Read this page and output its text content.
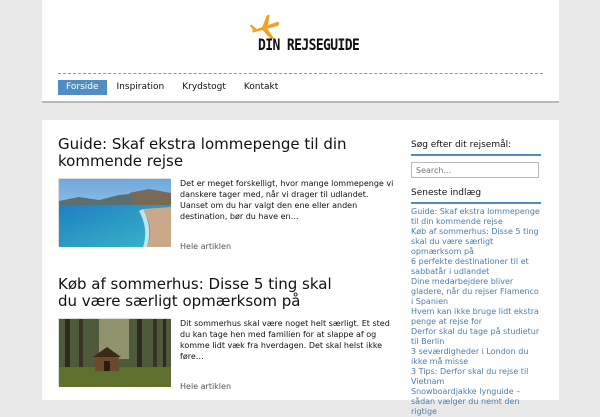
DIN REJSEGUIDE
Forside	Inspiration	Krydstogt	Kontakt
Guide: Skaf ekstra lommepenge til din
kommende rejse

Det er meget forskelligt, hvor mange lommepenge vi danskere tager med, når vi drager til udlandet. Uanset om du har valgt den ene eller anden destination, bør du have en…

Hele artiklen
Køb af sommerhus: Disse 5 ting skal
du være særligt opmærksom på

Dit sommerhus skal være noget helt særligt. Et sted du kan tage hen med familien for at slappe af og komme lidt væk fra hverdagen. Det skal helst ikke føre…

Hele artiklen
Søg efter dit rejsemål:
Search...
Seneste indlæg
Guide: Skaf ekstra lommepenge til din kommende rejse
Køb af sommerhus: Disse 5 ting skal du være særligt opmærksom på
6 perfekte destinationer til et sabbatår i udlandet
Dine medarbejdere bliver gladere, når du rejser Flamenco i Spanien
Hvem kan ikke bruge lidt ekstra penge at rejse for
Derfor skal du tage på studietur til Berlin
3 seværdigheder i London du ikke må misse
3 Tips: Derfor skal du rejse til Vietnam
Snowboardjakke lynguide – sådan vælger du nemt den rigtige
